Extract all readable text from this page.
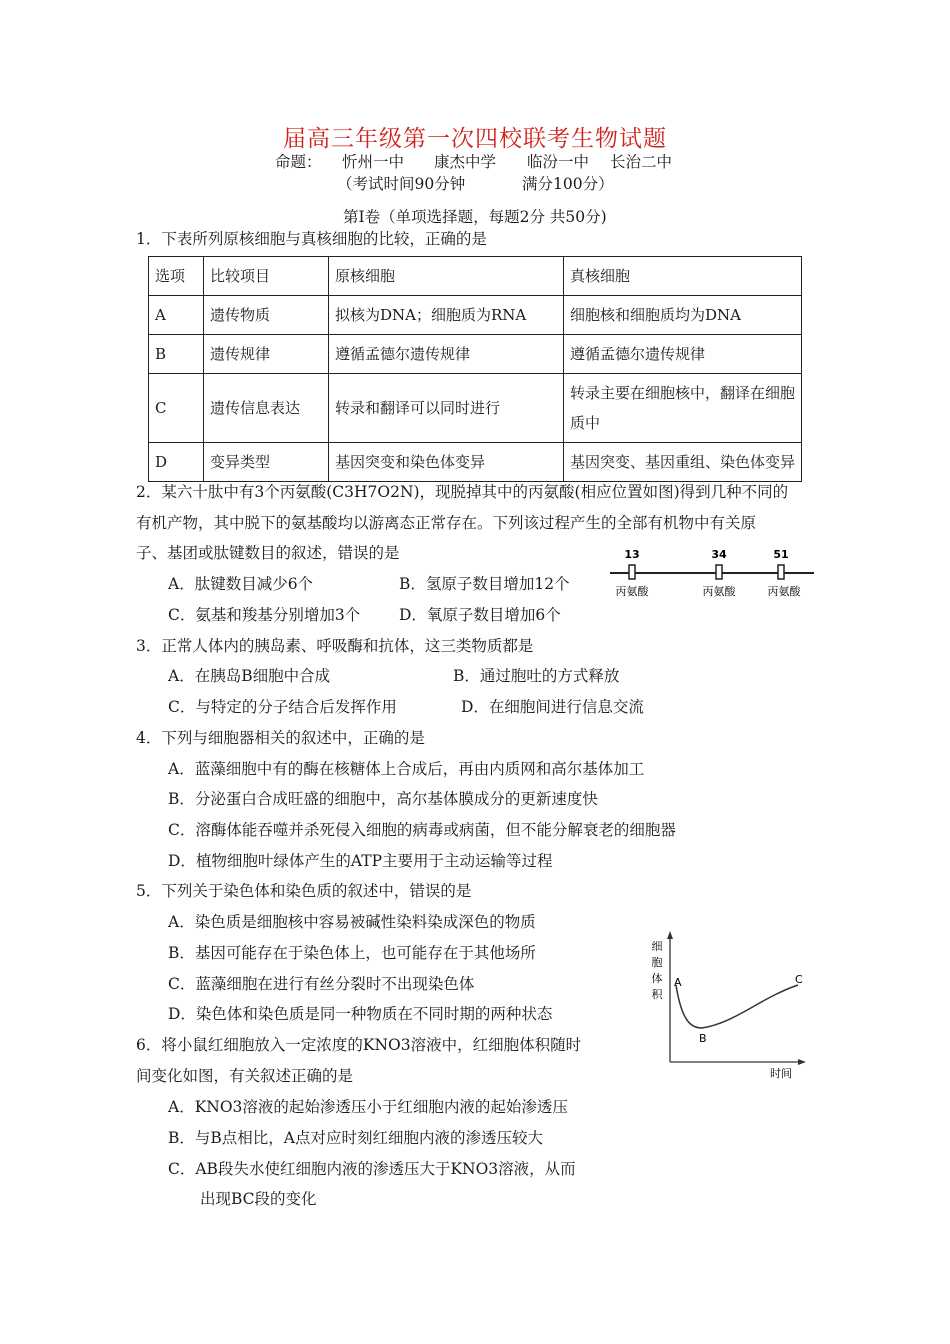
届高三年级第一次四校联考生物试题
命题： 忻州一中 康杰中学 临汾一中 长治二中
（考试时间90分钟	满分100分）
第Ⅰ卷（单项选择题，每题2分 共50分)
1．下表所列原核细胞与真核细胞的比较，正确的是
选项	比较项目	原核细胞	真核细胞
A	遗传物质	拟核为DNA；细胞质为RNA	细胞核和细胞质均为DNA
B	遗传规律	遵循孟德尔遗传规律	遵循孟德尔遗传规律
C	遗传信息表达	转录和翻译可以同时进行	转录主要在细胞核中，翻译在细胞质中
D	变异类型	基因突变和染色体变异	基因突变、基因重组、染色体变异
2．某六十肽中有3个丙氨酸(C3H7O2N)，现脱掉其中的丙氨酸(相应位置如图)得到几种不同的
有机产物，其中脱下的氨基酸均以游离态正常存在。下列该过程产生的全部有机物中有关原
子、基团或肽键数目的叙述，错误的是
A．肽键数目减少6个	B．氢原子数目增加12个
C．氨基和羧基分别增加3个	D．氧原子数目增加6个
13	34	51
丙氨酸	丙氨酸	丙氨酸
3．正常人体内的胰岛素、呼吸酶和抗体，这三类物质都是
A．在胰岛B细胞中合成	B．通过胞吐的方式释放
C．与特定的分子结合后发挥作用	D．在细胞间进行信息交流
4．下列与细胞器相关的叙述中，正确的是
A．蓝藻细胞中有的酶在核糖体上合成后，再由内质网和高尔基体加工
B．分泌蛋白合成旺盛的细胞中，高尔基体膜成分的更新速度快
C．溶酶体能吞噬并杀死侵入细胞的病毒或病菌，但不能分解衰老的细胞器
D．植物细胞叶绿体产生的ATP主要用于主动运输等过程
5．下列关于染色体和染色质的叙述中，错误的是
A．染色质是细胞核中容易被碱性染料染成深色的物质
B．基因可能存在于染色体上，也可能存在于其他场所
C．蓝藻细胞在进行有丝分裂时不出现染色体
D．染色体和染色质是同一种物质在不同时期的两种状态
6．将小鼠红细胞放入一定浓度的KNO3溶液中，红细胞体积随时
间变化如图，有关叙述正确的是
A．KNO3溶液的起始渗透压小于红细胞内液的起始渗透压
B．与B点相比，A点对应时刻红细胞内液的渗透压较大
C．AB段失水使红细胞内液的渗透压大于KNO3溶液，从而
出现BC段的变化
细
胞
体
积
A
B
C
时间
